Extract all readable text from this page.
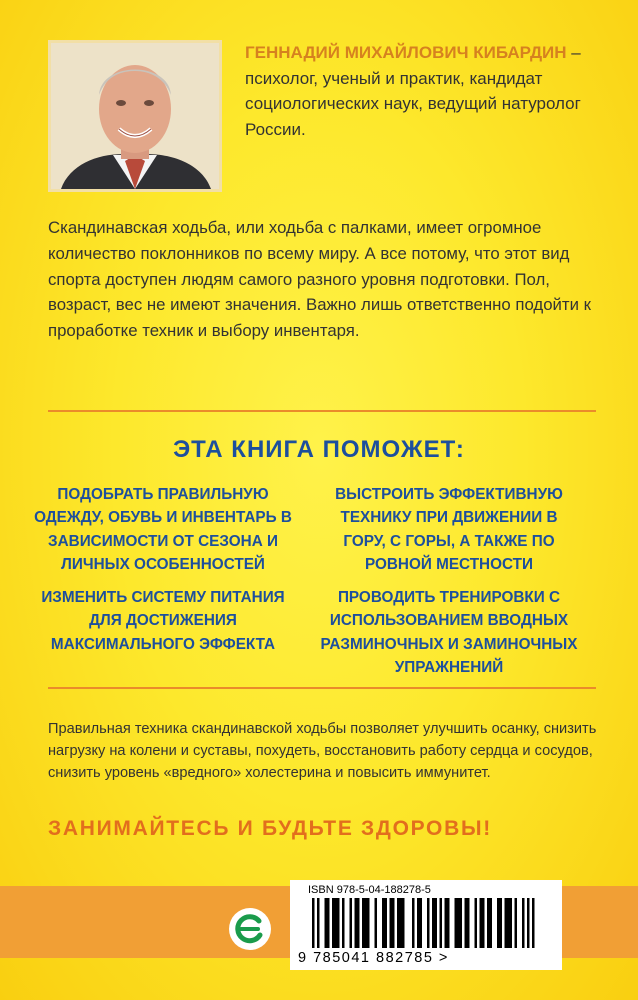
ГЕННАДИЙ МИХАЙЛОВИЧ КИБАРДИН – психолог, ученый и практик, кандидат социологических наук, ведущий натуролог России.
Скандинавская ходьба, или ходьба с палками, имеет огромное количество поклонников по всему миру. А все потому, что этот вид спорта доступен людям самого разного уровня подготовки. Пол, возраст, вес не имеют значения. Важно лишь ответственно подойти к проработке техник и выбору инвентаря.
ЭТА КНИГА ПОМОЖЕТ:

ПОДОБРАТЬ ПРАВИЛЬНУЮ ОДЕЖДУ, ОБУВЬ И ИНВЕНТАРЬ В ЗАВИСИМОСТИ ОТ СЕЗОНА И ЛИЧНЫХ ОСОБЕННОСТЕЙ

ИЗМЕНИТЬ СИСТЕМУ ПИТАНИЯ ДЛЯ ДОСТИЖЕНИЯ МАКСИМАЛЬНОГО ЭФФЕКТА

ВЫСТРОИТЬ ЭФФЕКТИВНУЮ ТЕХНИКУ ПРИ ДВИЖЕНИИ В ГОРУ, С ГОРЫ, А ТАКЖЕ ПО РОВНОЙ МЕСТНОСТИ

ПРОВОДИТЬ ТРЕНИРОВКИ С ИСПОЛЬЗОВАНИЕМ ВВОДНЫХ РАЗМИНОЧНЫХ И ЗАМИНОЧНЫХ УПРАЖНЕНИЙ

Правильная техника скандинавской ходьбы позволяет улучшить осанку, снизить нагрузку на колени и суставы, похудеть, восстановить работу сердца и сосудов, снизить уровень «вредного» холестерина и повысить иммунитет.
ЗАНИМАЙТЕСЬ И БУДЬТЕ ЗДОРОВЫ!
ISBN 978-5-04-188278-5
9 785041 882785 >
